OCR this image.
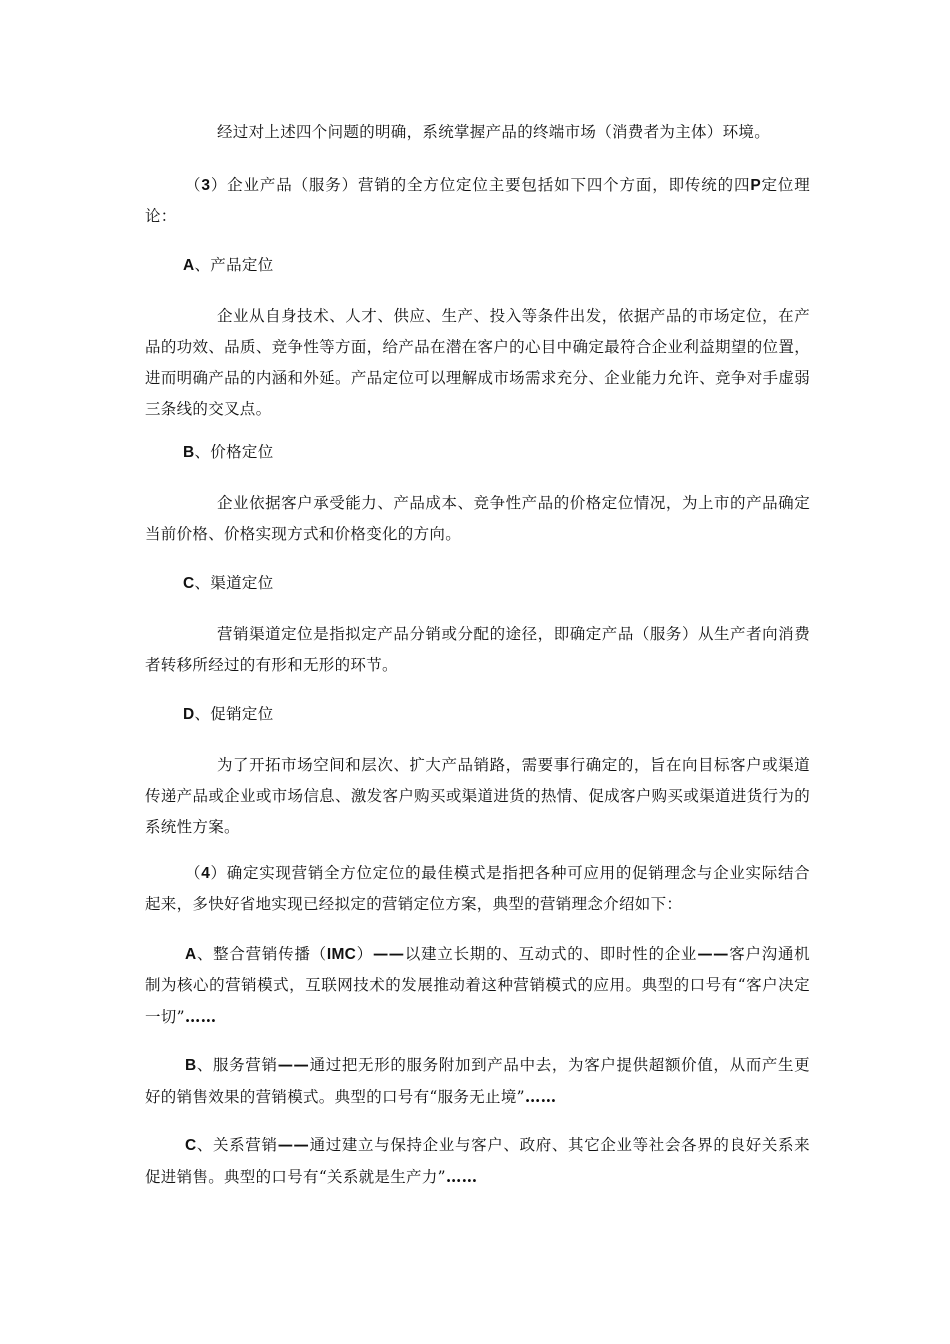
经过对上述四个问题的明确，系统掌握产品的终端市场（消费者为主体）环境。

（3）企业产品（服务）营销的全方位定位主要包括如下四个方面，即传统的四P定位理论：

A、产品定位

企业从自身技术、人才、供应、生产、投入等条件出发，依据产品的市场定位，在产品的功效、品质、竞争性等方面，给产品在潜在客户的心目中确定最符合企业利益期望的位置，进而明确产品的内涵和外延。产品定位可以理解成市场需求充分、企业能力允许、竞争对手虚弱三条线的交叉点。

B、价格定位

企业依据客户承受能力、产品成本、竞争性产品的价格定位情况，为上市的产品确定当前价格、价格实现方式和价格变化的方向。

C、渠道定位

营销渠道定位是指拟定产品分销或分配的途径，即确定产品（服务）从生产者向消费者转移所经过的有形和无形的环节。

D、促销定位

为了开拓市场空间和层次、扩大产品销路，需要事行确定的，旨在向目标客户或渠道传递产品或企业或市场信息、激发客户购买或渠道进货的热情、促成客户购买或渠道进货行为的系统性方案。

（4）确定实现营销全方位定位的最佳模式是指把各种可应用的促销理念与企业实际结合起来，多快好省地实现已经拟定的营销定位方案，典型的营销理念介绍如下：

A、整合营销传播（IMC）——以建立长期的、互动式的、即时性的企业——客户沟通机制为核心的营销模式，互联网技术的发展推动着这种营销模式的应用。典型的口号有“客户决定一切”……

B、服务营销——通过把无形的服务附加到产品中去，为客户提供超额价值，从而产生更好的销售效果的营销模式。典型的口号有“服务无止境”……

C、关系营销——通过建立与保持企业与客户、政府、其它企业等社会各界的良好关系来促进销售。典型的口号有“关系就是生产力”……
